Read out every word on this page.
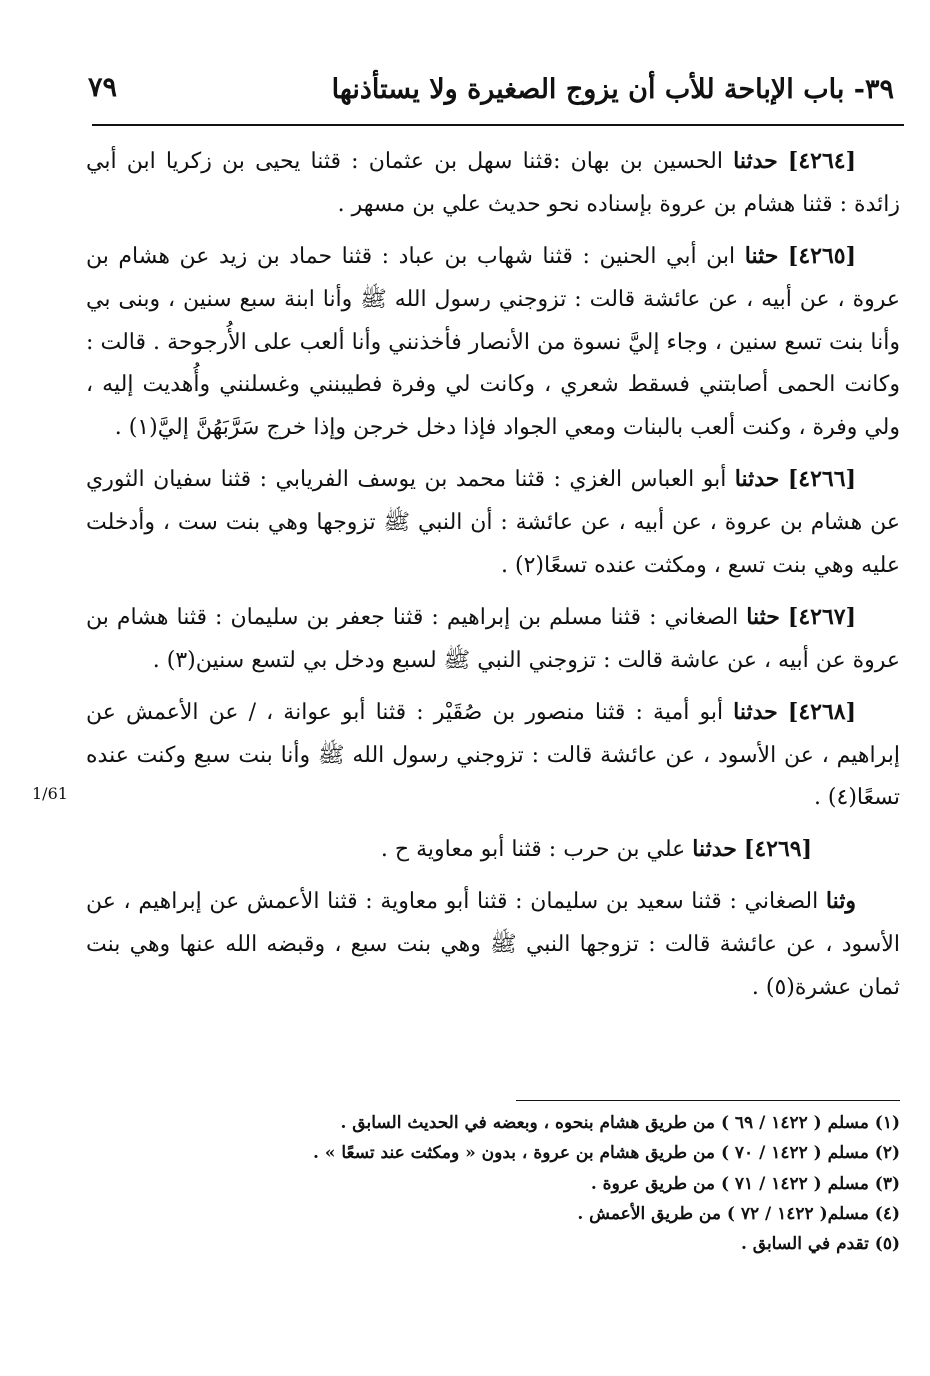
٧٩	٣٩- باب الإباحة للأب أن يزوج الصغيرة ولا يستأذنها
1/61

[٤٢٦٤] حدثنا الحسين بن بهان :قثنا سهل بن عثمان : قثنا يحيى بن زكريا ابن أبي زائدة : قثنا هشام بن عروة بإسناده نحو حديث علي بن مسهر .

[٤٢٦٥] حثنا ابن أبي الحنين : قثنا شهاب بن عباد : قثنا حماد بن زيد عن هشام بن عروة ، عن أبيه ، عن عائشة قالت : تزوجني رسول الله ﷺ وأنا ابنة سبع سنين ، وبنى بي وأنا بنت تسع سنين ، وجاء إليَّ نسوة من الأنصار فأخذنني وأنا ألعب على الأُرجوحة . قالت : وكانت الحمى أصابتني فسقط شعري ، وكانت لي وفرة فطيبنني وغسلنني وأُهديت إليه ، ولي وفرة ، وكنت ألعب بالبنات ومعي الجواد فإذا دخل خرجن وإذا خرج سَرَّبَهُنَّ إليَّ(١) .

[٤٢٦٦] حدثنا أبو العباس الغزي : قثنا محمد بن يوسف الفريابي : قثنا سفيان الثوري عن هشام بن عروة ، عن أبيه ، عن عائشة : أن النبي ﷺ تزوجها وهي بنت ست ، وأدخلت عليه وهي بنت تسع ، ومكثت عنده تسعًا(٢) .

[٤٢٦٧] حثنا الصغاني : قثنا مسلم بن إبراهيم : قثنا جعفر بن سليمان : قثنا هشام بن عروة عن أبيه ، عن عاشة قالت : تزوجني النبي ﷺ لسبع ودخل بي لتسع سنين(٣) .

[٤٢٦٨] حدثنا أبو أمية : قثنا منصور بن صُقَيْر : قثنا أبو عوانة ، / عن الأعمش عن إبراهيم ، عن الأسود ، عن عائشة قالت : تزوجني رسول الله ﷺ وأنا بنت سبع وكنت عنده تسعًا(٤) .

[٤٢٦٩] حدثنا علي بن حرب : قثنا أبو معاوية ح .

وثنا الصغاني : قثنا سعيد بن سليمان : قثنا أبو معاوية : قثنا الأعمش عن إبراهيم ، عن الأسود ، عن عائشة قالت : تزوجها النبي ﷺ وهي بنت سبع ، وقبضه الله عنها وهي بنت ثمان عشرة(٥) .

(١) مسلم ( ١٤٢٢ / ٦٩ ) من طريق هشام بنحوه ، وبعضه في الحديث السابق .

(٢) مسلم ( ١٤٢٢ / ٧٠ ) من طريق هشام بن عروة ، بدون « ومكثت عند تسعًا » .

(٣) مسلم ( ١٤٢٢ / ٧١ ) من طريق عروة .

(٤) مسلم( ١٤٢٢ / ٧٢ ) من طريق الأعمش .

(٥) تقدم في السابق .
